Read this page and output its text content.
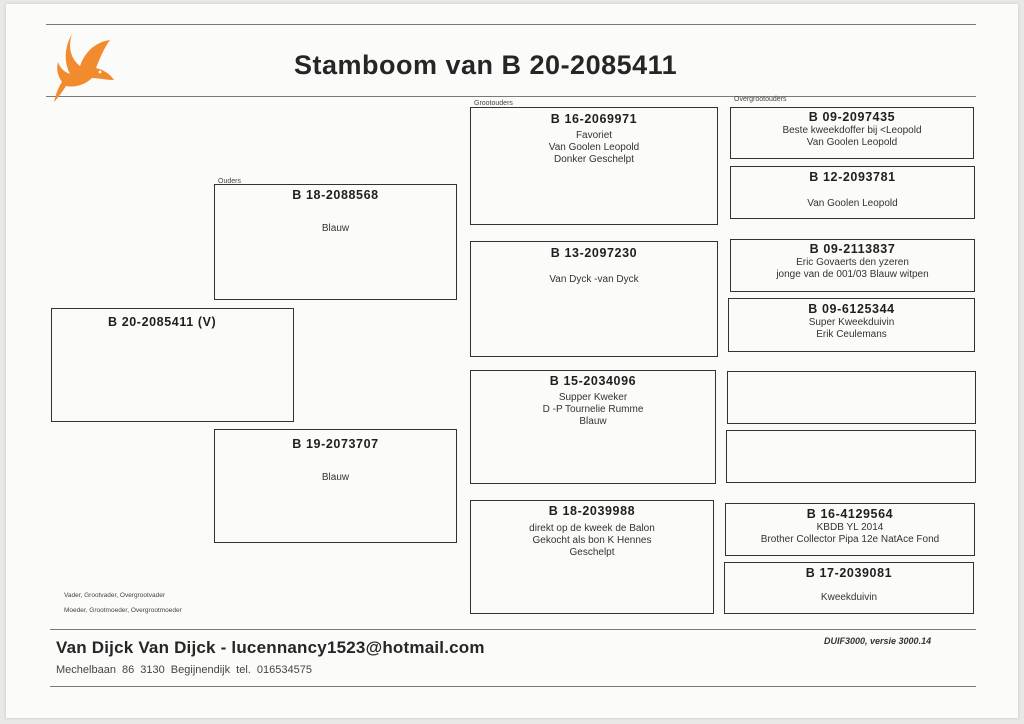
Stamboom van B 20-2085411
Ouders
Grootouders
Overgrootouders
B 20-2085411 (V)
B 18-2088568
Blauw
B 19-2073707
Blauw
B 16-2069971
Favoriet
Van Goolen Leopold
Donker Geschelpt
B 13-2097230
Van Dyck -van Dyck
B 15-2034096
Supper Kweker
D -P Tournelie Rumme
Blauw
B 18-2039988
direkt op de kweek de Balon
Gekocht als bon K Hennes
Geschelpt
B 09-2097435
Beste kweekdoffer bij <Leopold
Van Goolen Leopold
B 12-2093781
Van Goolen Leopold
B 09-2113837
Eric Govaerts den yzeren
jonge van de 001/03 Blauw witpen
B 09-6125344
Super Kweekduivin
Erik Ceulemans
B 16-4129564
KBDB YL 2014
Brother Collector Pipa 12e NatAce Fond
B 17-2039081
Kweekduivin
Vader, Grootvader, Overgrootvader
Moeder, Grootmoeder, Overgrootmoeder
Van Dijck Van Dijck - lucennancy1523@hotmail.com	DUIF3000, versie 3000.14
Mechelbaan 86 3130 Begijnendijk tel. 016534575
